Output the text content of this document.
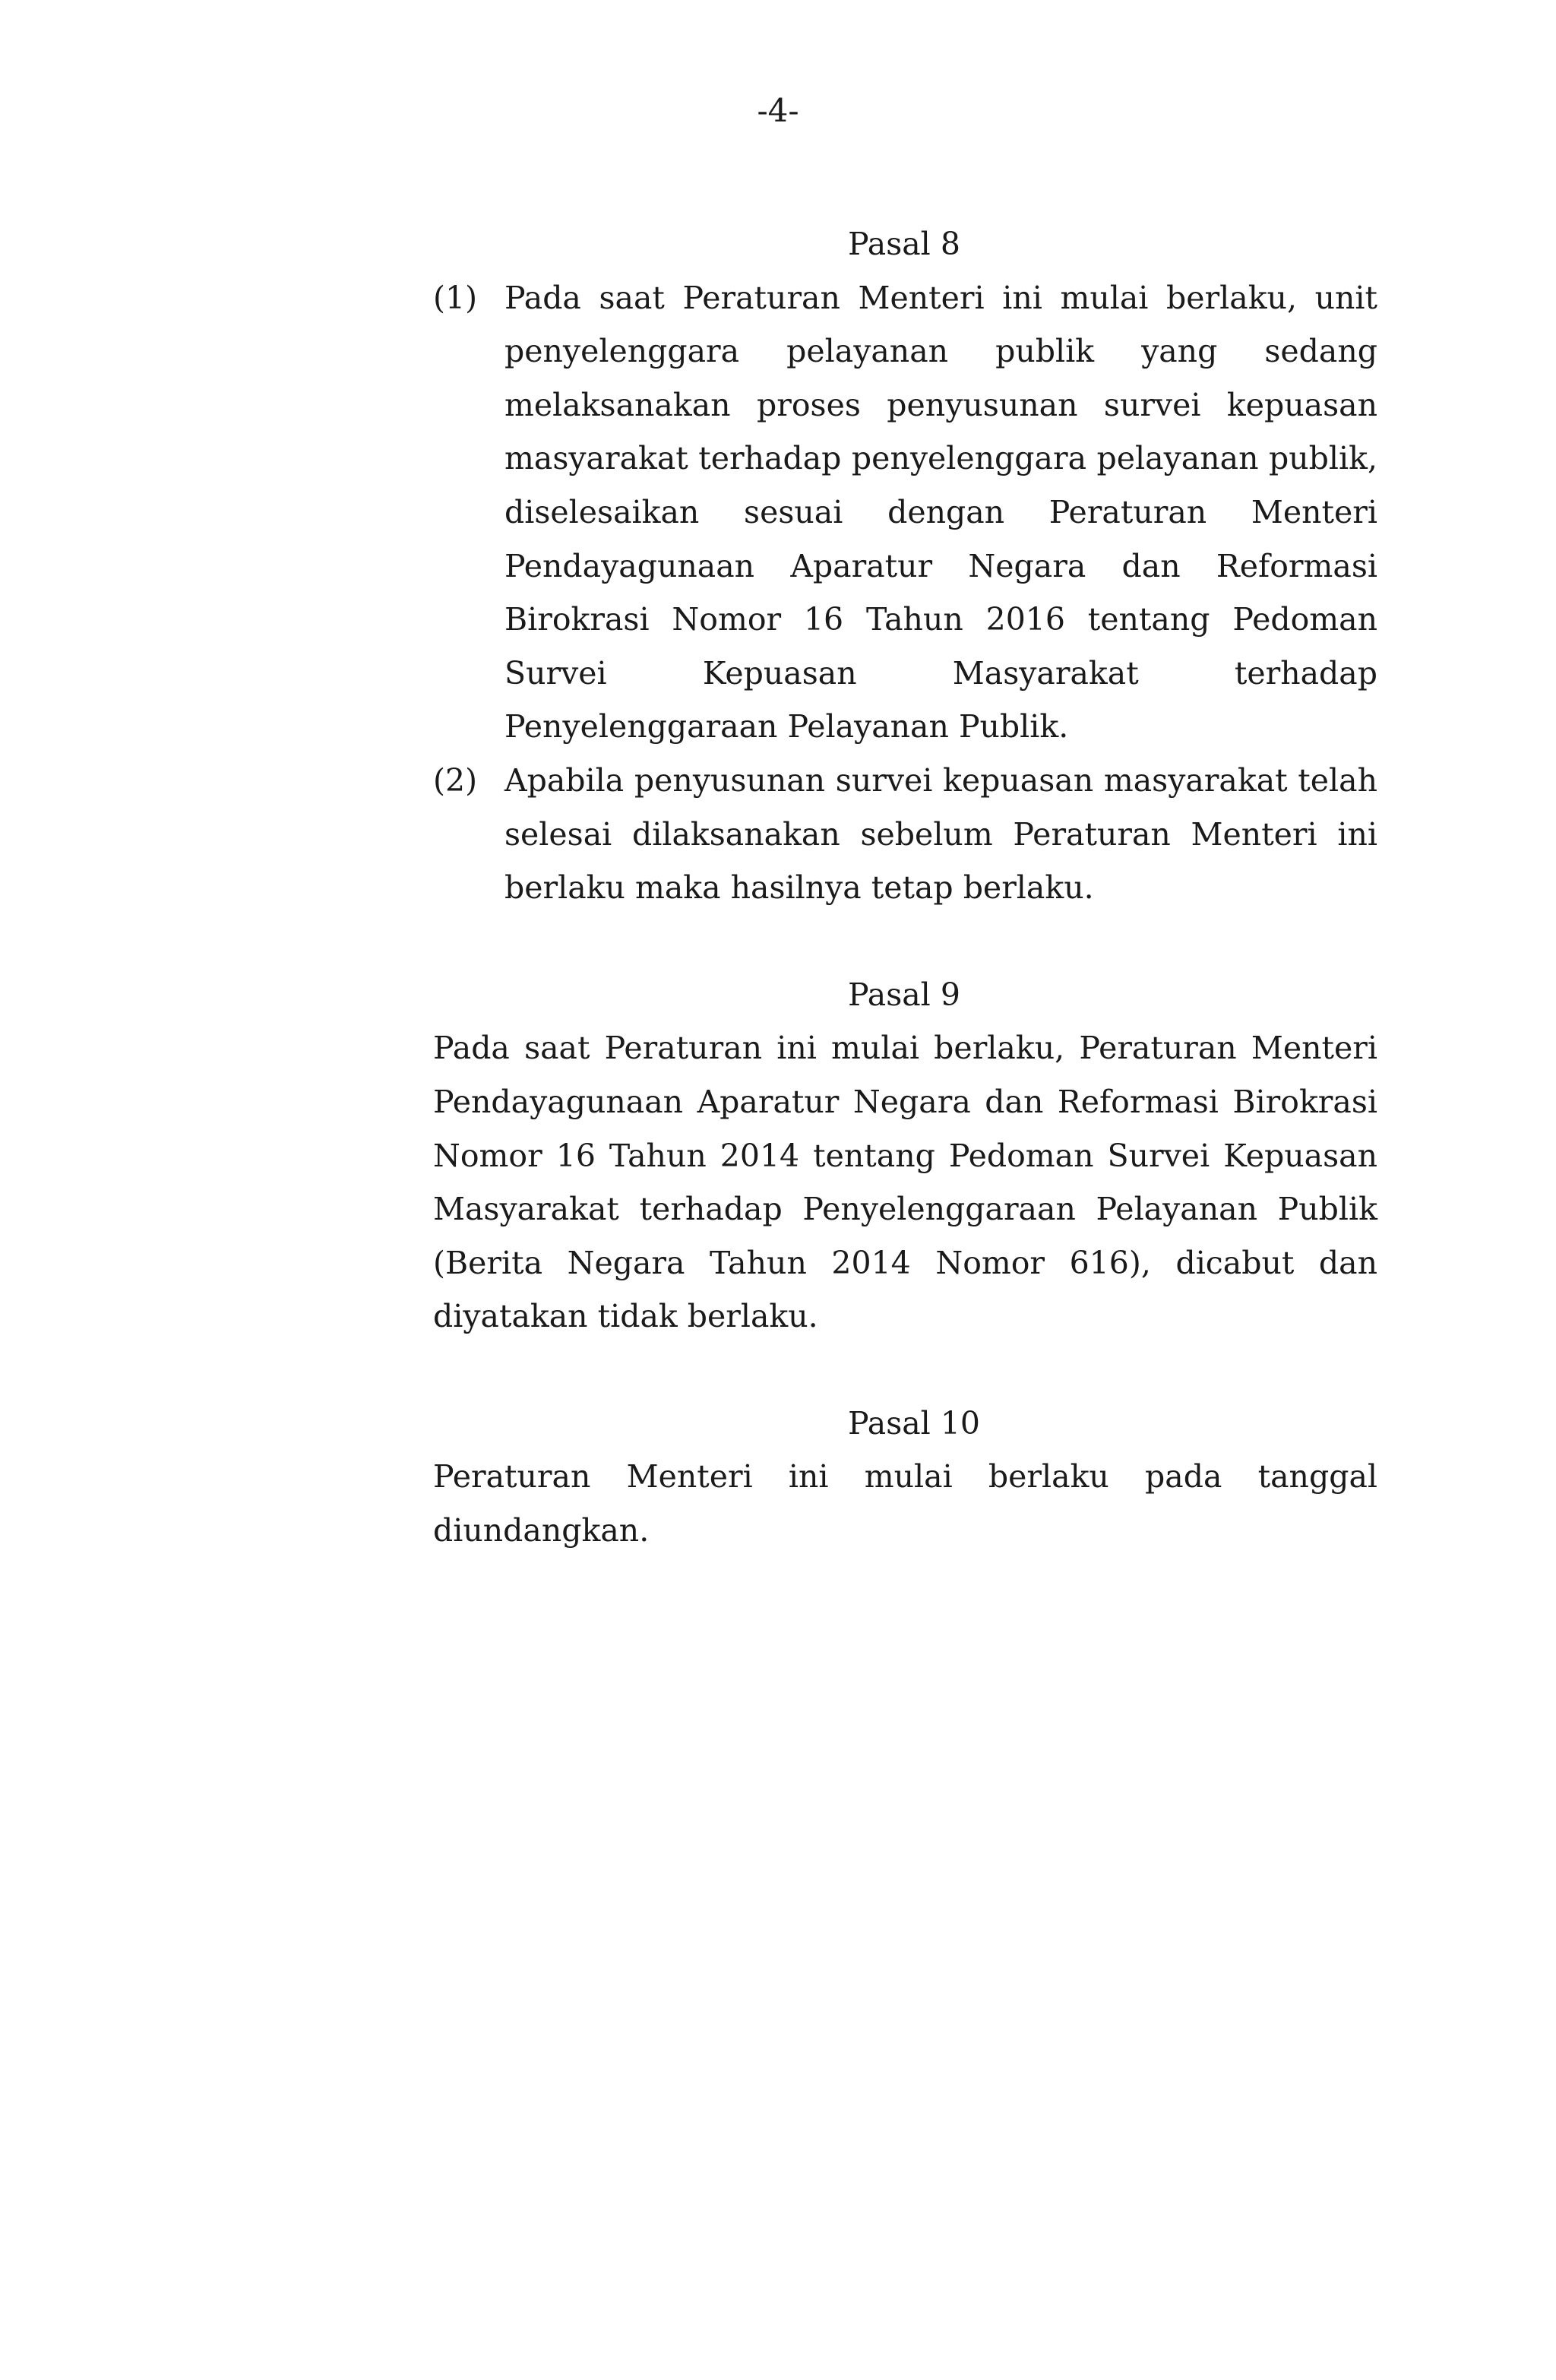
-4-
Pasal 8
(1) Pada saat Peraturan Menteri ini mulai berlaku, unit penyelenggara pelayanan publik yang sedang melaksanakan proses penyusunan survei kepuasan masyarakat terhadap penyelenggara pelayanan publik, diselesaikan sesuai dengan Peraturan Menteri Pendayagunaan Aparatur Negara dan Reformasi Birokrasi Nomor 16 Tahun 2016 tentang Pedoman Survei Kepuasan Masyarakat terhadap Penyelenggaraan Pelayanan Publik.
(2) Apabila penyusunan survei kepuasan masyarakat telah selesai dilaksanakan sebelum Peraturan Menteri ini berlaku maka hasilnya tetap berlaku.
Pasal 9

Pada saat Peraturan ini mulai berlaku, Peraturan Menteri Pendayagunaan Aparatur Negara dan Reformasi Birokrasi Nomor 16 Tahun 2014 tentang Pedoman Survei Kepuasan Masyarakat terhadap Penyelenggaraan Pelayanan Publik (Berita Negara Tahun 2014 Nomor 616), dicabut dan diyatakan tidak berlaku.

Pasal 10

Peraturan Menteri ini mulai berlaku pada tanggal diundangkan.
